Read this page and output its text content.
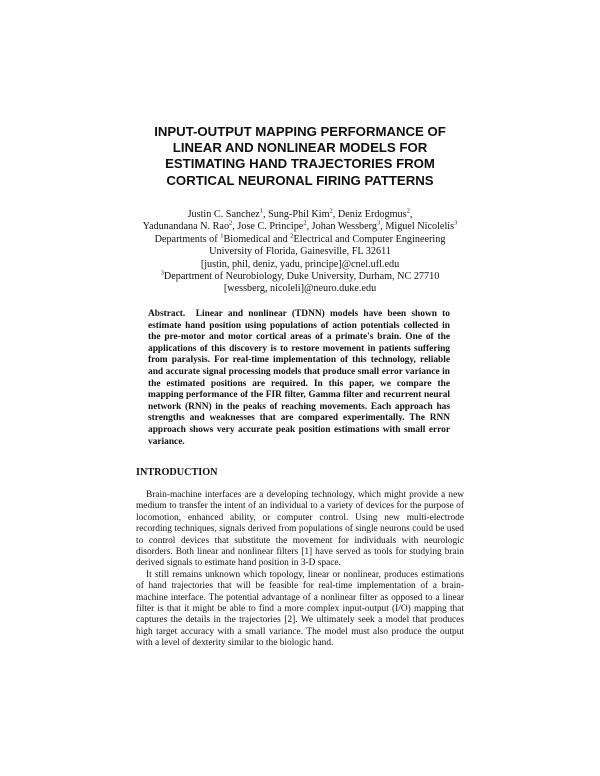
INPUT-OUTPUT MAPPING PERFORMANCE OF
LINEAR AND NONLINEAR MODELS FOR
ESTIMATING HAND TRAJECTORIES FROM
CORTICAL NEURONAL FIRING PATTERNS
Justin C. Sanchez$^1$, Sung-Phil Kim$^2$, Deniz Erdogmus$^2$,
Yadunandana N. Rao$^2$, Jose C. Principe$^2$, Johan Wessberg$^3$, Miguel Nicolelis$^3$
Departments of $^1$Biomedical and $^2$Electrical and Computer Engineering
University of Florida, Gainesville, FL 32611
[justin, phil, deniz, yadu, principe]@cnel.ufl.edu
$^3$Department of Neurobiology, Duke University, Durham, NC 27710
[wessberg, nicoleli]@neuro.duke.edu

Abstract. Linear and nonlinear (TDNN) models have been shown to estimate hand position using populations of action potentials collected in the pre-motor and motor cortical areas of a primate's brain. One of the applications of this discovery is to restore movement in patients suffering from paralysis. For real-time implementation of this technology, reliable and accurate signal processing models that produce small error variance in the estimated positions are required. In this paper, we compare the mapping performance of the FIR filter, Gamma filter and recurrent neural network (RNN) in the peaks of reaching movements. Each approach has strengths and weaknesses that are compared experimentally. The RNN approach shows very accurate peak position estimations with small error variance.

INTRODUCTION

Brain-machine interfaces are a developing technology, which might provide a new medium to transfer the intent of an individual to a variety of devices for the purpose of locomotion, enhanced ability, or computer control. Using new multi-electrode recording techniques, signals derived from populations of single neurons could be used to control devices that substitute the movement for individuals with neurologic disorders. Both linear and nonlinear filters [1] have served as tools for studying brain derived signals to estimate hand position in 3-D space.

It still remains unknown which topology, linear or nonlinear, produces estimations of hand trajectories that will be feasible for real-time implementation of a brain-machine interface. The potential advantage of a nonlinear filter as opposed to a linear filter is that it might be able to find a more complex input-output (I/O) mapping that captures the details in the trajectories [2]. We ultimately seek a model that produces high target accuracy with a small variance. The model must also produce the output with a level of dexterity similar to the biologic hand.
